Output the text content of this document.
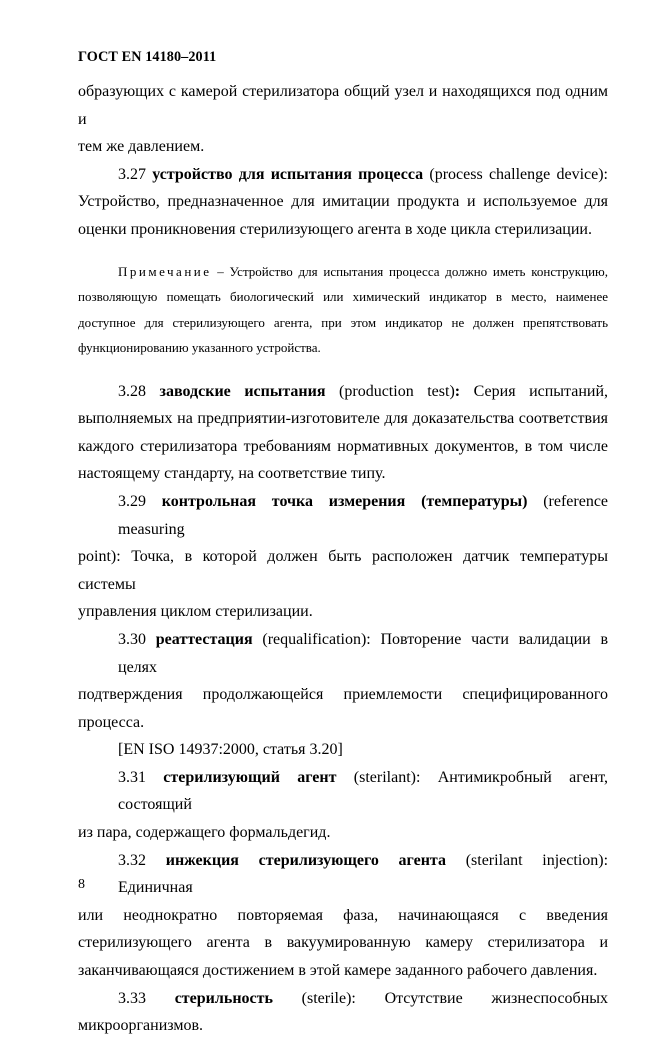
ГОСТ EN 14180–2011

образующих с камерой стерилизатора общий узел и находящихся под одним и
тем же давлением.

3.27 устройство для испытания процесса (process challenge device):
Устройство, предназначенное для имитации продукта и используемое для
оценки проникновения стерилизующего агента в ходе цикла стерилизации.

Примечание – Устройство для испытания процесса должно иметь конструкцию,
позволяющую помещать биологический или химический индикатор в место, наименее
доступное для стерилизующего агента, при этом индикатор не должен препятствовать
функционированию указанного устройства.

3.28 заводские испытания (production test): Серия испытаний,
выполняемых на предприятии-изготовителе для доказательства соответствия
каждого стерилизатора требованиям нормативных документов, в том числе
настоящему стандарту, на соответствие типу.

3.29 контрольная точка измерения (температуры) (reference measuring
point): Точка, в которой должен быть расположен датчик температуры системы
управления циклом стерилизации.

3.30 реаттестация (requalification): Повторение части валидации в целях
подтверждения продолжающейся приемлемости специфицированного
процесса.
[EN ISO 14937:2000, статья 3.20]

3.31 стерилизующий агент (sterilant): Антимикробный агент, состоящий
из пара, содержащего формальдегид.

3.32 инжекция стерилизующего агента (sterilant injection): Единичная
или неоднократно повторяемая фаза, начинающаяся с введения
стерилизующего агента в вакуумированную камеру стерилизатора и
заканчивающаяся достижением в этой камере заданного рабочего давления.

3.33 стерильность (sterile): Отсутствие жизнеспособных
микроорганизмов.

8
